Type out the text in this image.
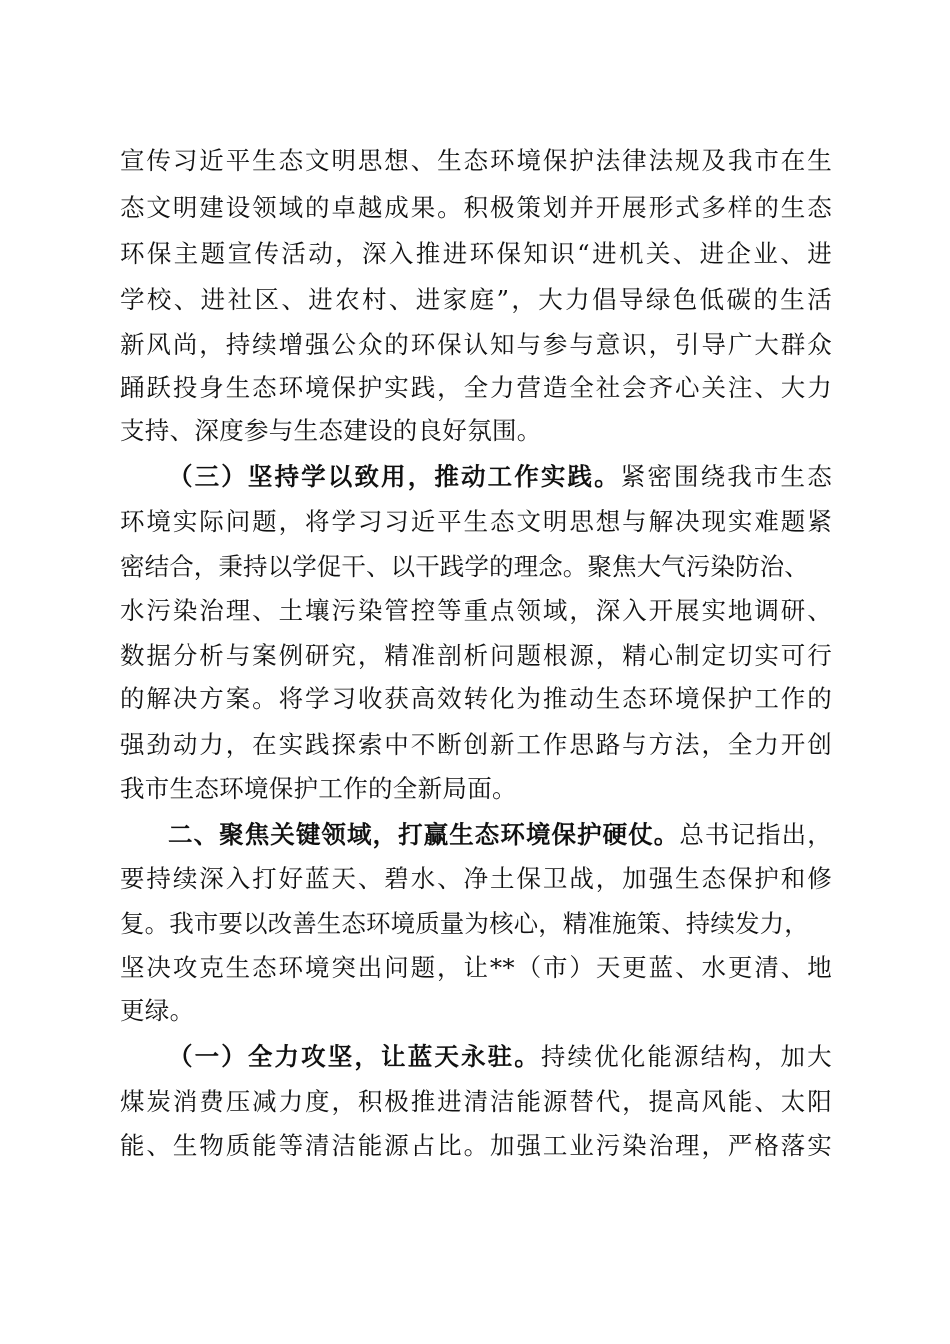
宣传习近平生态文明思想、生态环境保护法律法规及我市在生
态文明建设领域的卓越成果。积极策划并开展形式多样的生态
环保主题宣传活动，深入推进环保知识“进机关、进企业、进
学校、进社区、进农村、进家庭”，大力倡导绿色低碳的生活
新风尚，持续增强公众的环保认知与参与意识，引导广大群众
踊跃投身生态环境保护实践，全力营造全社会齐心关注、大力
支持、深度参与生态建设的良好氛围。
（三）坚持学以致用，推动工作实践。紧密围绕我市生态
环境实际问题，将学习习近平生态文明思想与解决现实难题紧
密结合，秉持以学促干、以干践学的理念。聚焦大气污染防治、
水污染治理、土壤污染管控等重点领域，深入开展实地调研、
数据分析与案例研究，精准剖析问题根源，精心制定切实可行
的解决方案。将学习收获高效转化为推动生态环境保护工作的
强劲动力，在实践探索中不断创新工作思路与方法，全力开创
我市生态环境保护工作的全新局面。
二、聚焦关键领域，打赢生态环境保护硬仗。总书记指出，
要持续深入打好蓝天、碧水、净土保卫战，加强生态保护和修
复。我市要以改善生态环境质量为核心，精准施策、持续发力，
坚决攻克生态环境突出问题，让**（市）天更蓝、水更清、地
更绿。
（一）全力攻坚，让蓝天永驻。持续优化能源结构，加大
煤炭消费压减力度，积极推进清洁能源替代，提高风能、太阳
能、生物质能等清洁能源占比。加强工业污染治理，严格落实
